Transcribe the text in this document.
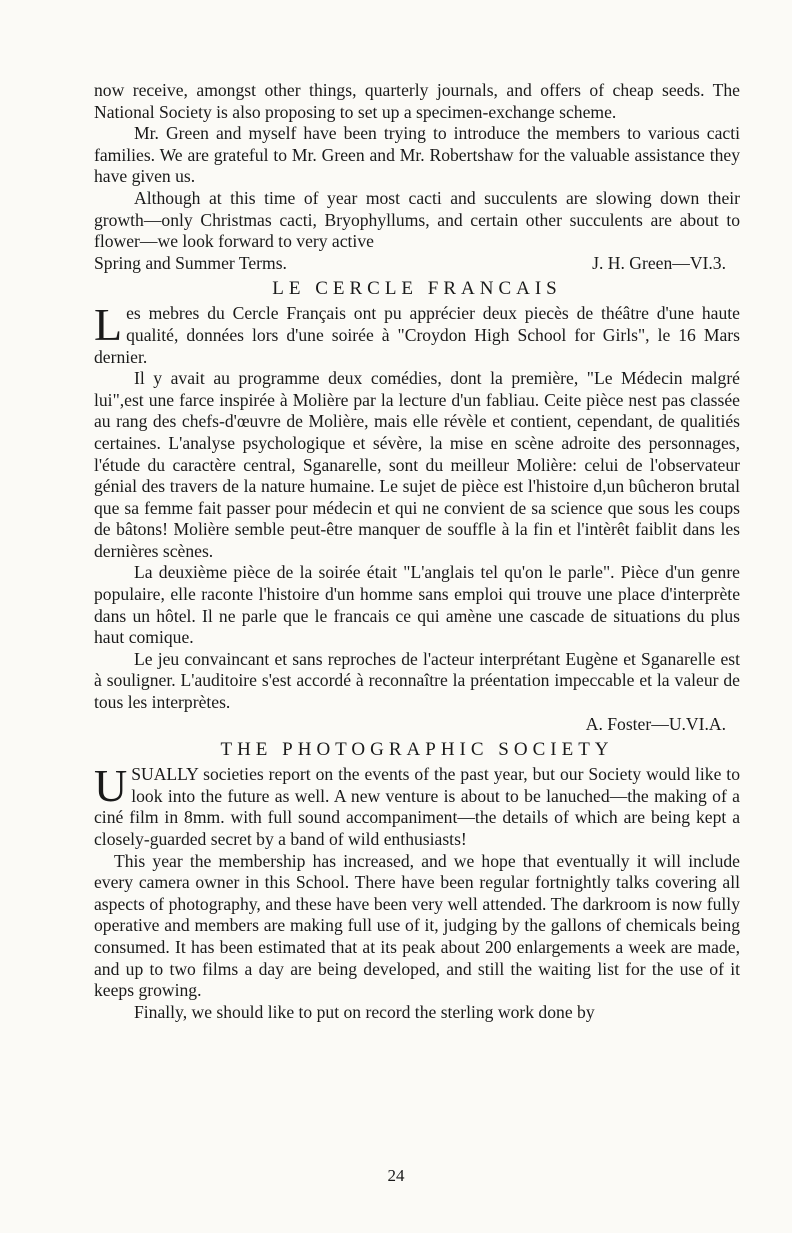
now receive, amongst other things, quarterly journals, and offers of cheap seeds. The National Society is also proposing to set up a specimen-exchange scheme.

Mr. Green and myself have been trying to introduce the members to various cacti families. We are grateful to Mr. Green and Mr. Robertshaw for the valuable assistance they have given us.

Although at this time of year most cacti and succulents are slowing down their growth—only Christmas cacti, Bryophyllums, and certain other succulents are about to flower—we look forward to very active

Spring and Summer Terms.	J. H. Green—VI.3.
LE CERCLE FRANCAIS

Les mebres du Cercle Français ont pu apprécier deux piecès de théâtre d'une haute qualité, données lors d'une soirée à "Croydon High School for Girls", le 16 Mars dernier.

Il y avait au programme deux comédies, dont la première, "Le Médecin malgré lui",est une farce inspirée à Molière par la lecture d'un fabliau. Ceite pièce nest pas classée au rang des chefs-d'œuvre de Molière, mais elle révèle et contient, cependant, de qualitiés certaines. L'analyse psychologique et sévère, la mise en scène adroite des personnages, l'étude du caractère central, Sganarelle, sont du meilleur Molière: celui de l'observateur génial des travers de la nature humaine. Le sujet de pièce est l'histoire d,un bûcheron brutal que sa femme fait passer pour médecin et qui ne convient de sa science que sous les coups de bâtons! Molière semble peut-être manquer de souffle à la fin et l'intèrêt faiblit dans les dernières scènes.

La deuxième pièce de la soirée était "L'anglais tel qu'on le parle". Pièce d'un genre populaire, elle raconte l'histoire d'un homme sans emploi qui trouve une place d'interprète dans un hôtel. Il ne parle que le francais ce qui amène une cascade de situations du plus haut comique.

Le jeu convaincant et sans reproches de l'acteur interprétant Eugène et Sganarelle est à souligner. L'auditoire s'est accordé à reconnaître la préentation impeccable et la valeur de tous les interprètes.

A. Foster—U.VI.A.
THE PHOTOGRAPHIC SOCIETY

USUALLY societies report on the events of the past year, but our Society would like to look into the future as well. A new venture is about to be lanuched—the making of a ciné film in 8mm. with full sound accompaniment—the details of which are being kept a closely-guarded secret by a band of wild enthusiasts!

This year the membership has increased, and we hope that eventually it will include every camera owner in this School. There have been regular fortnightly talks covering all aspects of photography, and these have been very well attended. The darkroom is now fully operative and members are making full use of it, judging by the gallons of chemicals being consumed. It has been estimated that at its peak about 200 enlargements a week are made, and up to two films a day are being developed, and still the waiting list for the use of it keeps growing.

Finally, we should like to put on record the sterling work done by

24
